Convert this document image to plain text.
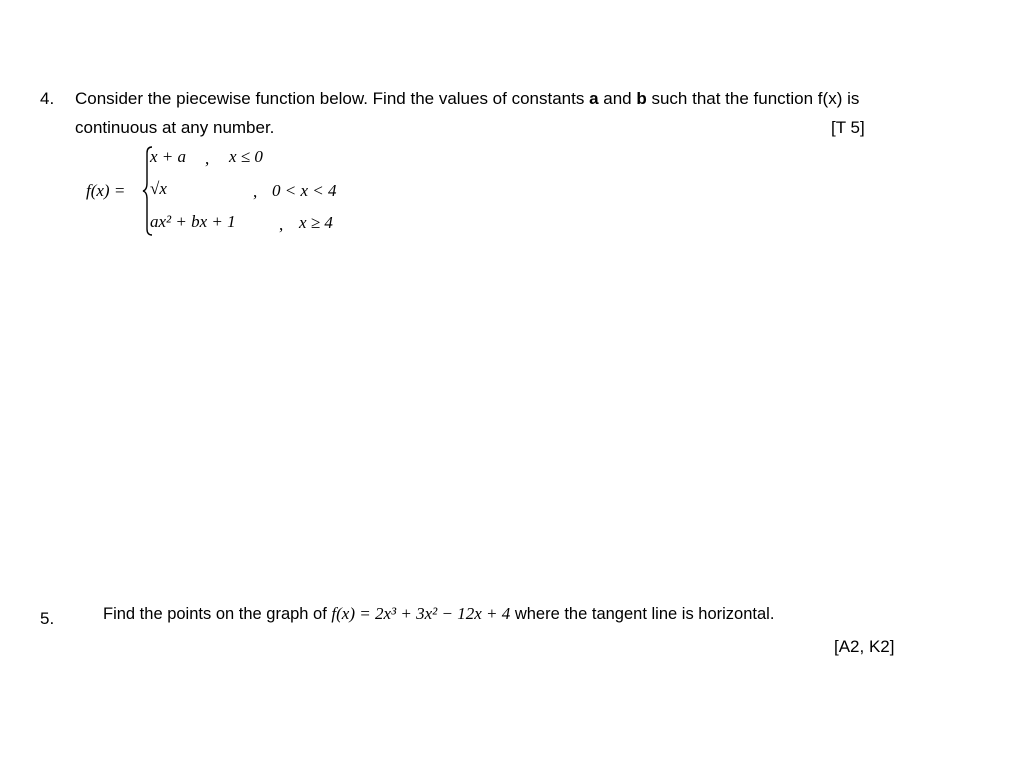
4. Consider the piecewise function below. Find the values of constants a and b such that the function f(x) is
continuous at any number.	[T 5]
f(x) =
x + a , x ≤ 0
√x	, 0 < x < 4
ax² + bx + 1	, x ≥ 4
5.	Find the points on the graph of f(x) = 2x³ + 3x² − 12x + 4 where the tangent line is horizontal.
[A2, K2]
